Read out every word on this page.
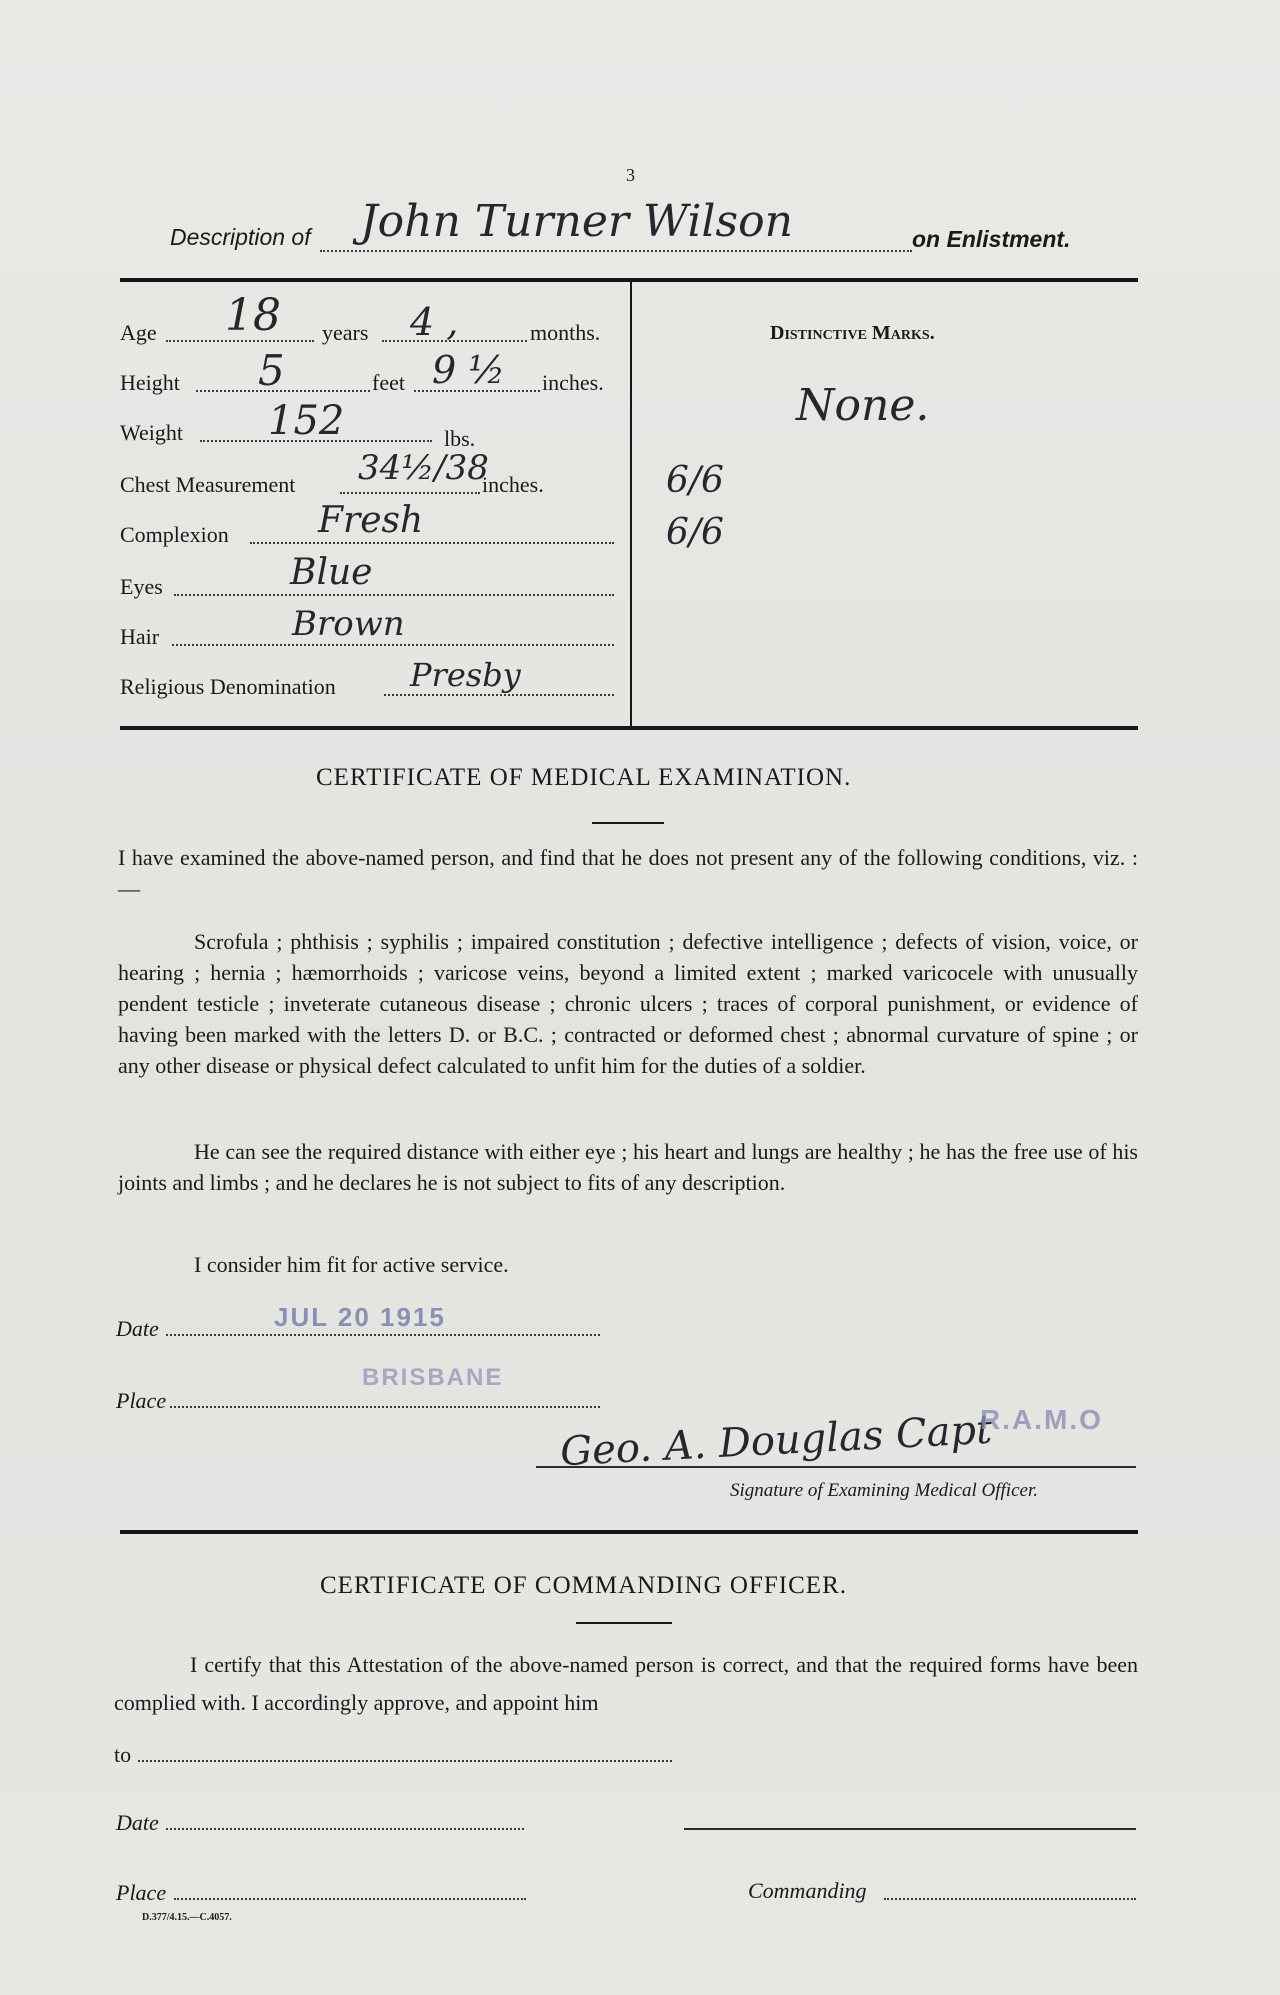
3
Description of John Turner Wilson	on Enlistment.
Age 18 years 4 ,	months.
Height 5	feet 9 ½ inches.
Weight 152	lbs.
Chest Measurement 34½/38
inches.
Complexion Fresh
Eyes	Blue
Hair	Brown
Religious Denomination Presby
Distinctive Marks.
None.
6/6
6/6
CERTIFICATE OF MEDICAL EXAMINATION.
I have examined the above-named person, and find that he does not present any of the following conditions, viz. :—
Scrofula ; phthisis ; syphilis ; impaired constitution ; defective intelligence ; defects of vision, voice, or hearing ; hernia ; hæmorrhoids ; varicose veins, beyond a limited extent ; marked varicocele with unusually pendent testicle ; inveterate cutaneous disease ; chronic ulcers ; traces of corporal punishment, or evidence of having been marked with the letters D. or B.C. ; contracted or deformed chest ; abnormal curvature of spine ; or any other disease or physical defect calculated to unfit him for the duties of a soldier.
He can see the required distance with either eye ; his heart and lungs are healthy ; he has the free use of his joints and limbs ; and he declares he is not subject to fits of any description.
I consider him fit for active service.
Date	JUL 20 1915
Place
BRISBANE
Geo. A. Douglas Capt
R.A.M.O
Signature of Examining Medical Officer.
CERTIFICATE OF COMMANDING OFFICER.
I certify that this Attestation of the above-named person is correct, and that the required forms have been complied with. I accordingly approve, and appoint him
to
Date
Place	Commanding
D.377/4.15.—C.4057.
